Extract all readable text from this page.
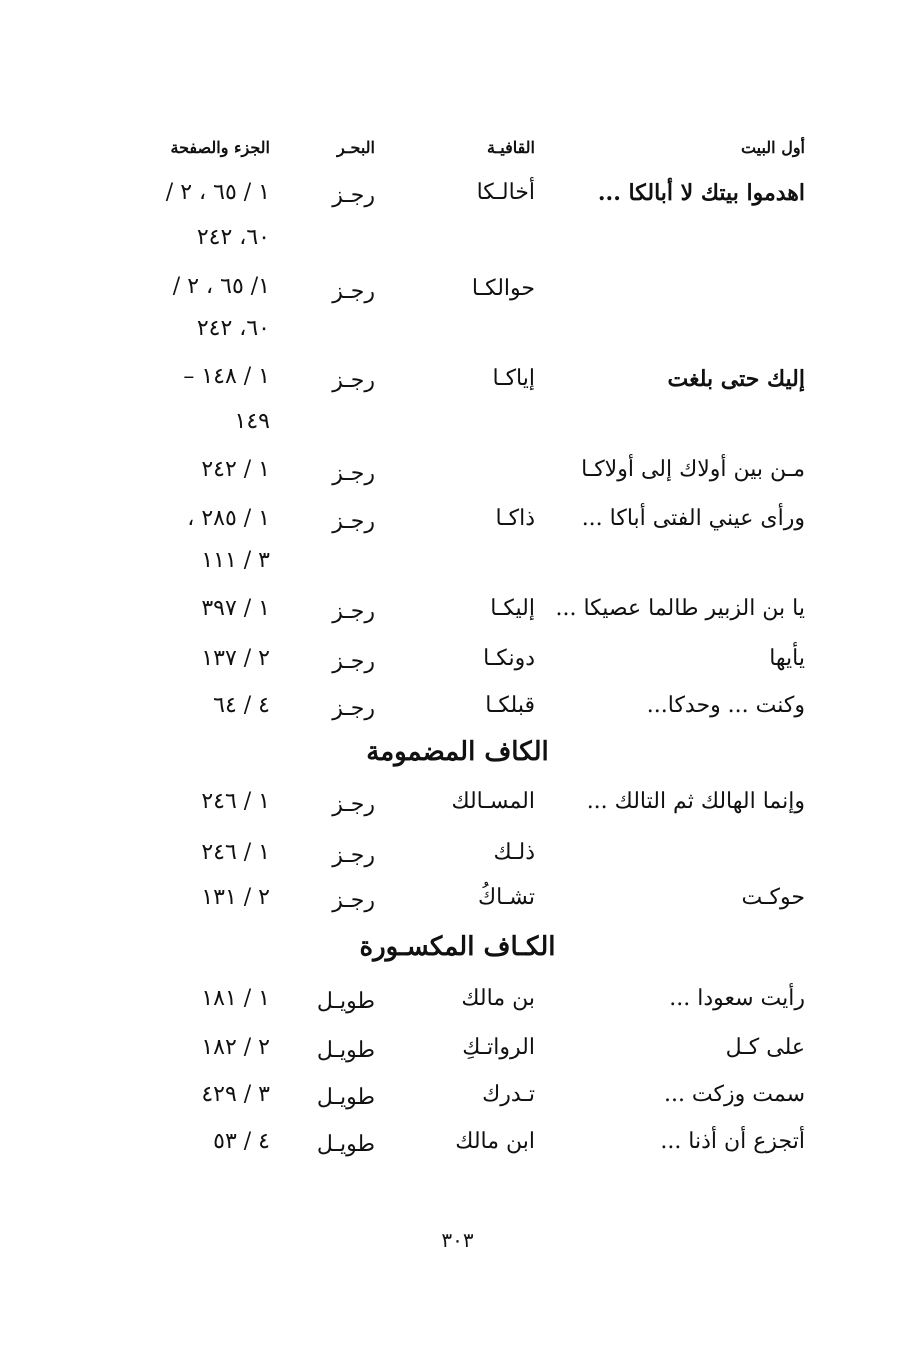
أول البيت
القافيـة
البحـر
الجزء والصفحة
اهدموا بيتك لا أبالكا ...
أخالـكا
رجـز
١ / ٦٥ ، ٢ /
٦٠، ٢٤٢
حوالكـا
رجـز
١/ ٦٥ ، ٢ /
٦٠، ٢٤٢
إليك حتى بلغت
إياكـا
رجـز
١ / ١٤٨ –
١٤٩
مـن بين أولاك إلى أولاكـا
رجـز
١ / ٢٤٢
ورأى عيني الفتى أباكا ...
ذاكـا
رجـز
١ / ٢٨٥ ،
٣ / ١١١
يا بن الزبير طالما عصيكا ...
إليكـا
رجـز
١ / ٣٩٧
يأيها
دونكـا
رجـز
٢ / ١٣٧
وكنت ... وحدكا...
قبلكـا
رجـز
٤ / ٦٤
الكاف المضمومة
وإنما الهالك ثم التالك ...
المسـالك
رجـز
١ / ٢٤٦
ذلـك
رجـز
١ / ٢٤٦
حوكـت
تشـاكُ
رجـز
٢ / ١٣١
الكـاف المكسـورة
رأيت سعودا ...
بن مالك
طويـل
١ / ١٨١
على كـل
الرواتـكِ
طويـل
٢ / ١٨٢
سمت وزكت ...
تـدرك
طويـل
٣ / ٤٢٩
أتجزع أن أذنا ...
ابن مالك
طويـل
٤ / ٥٣
٣٠٣
